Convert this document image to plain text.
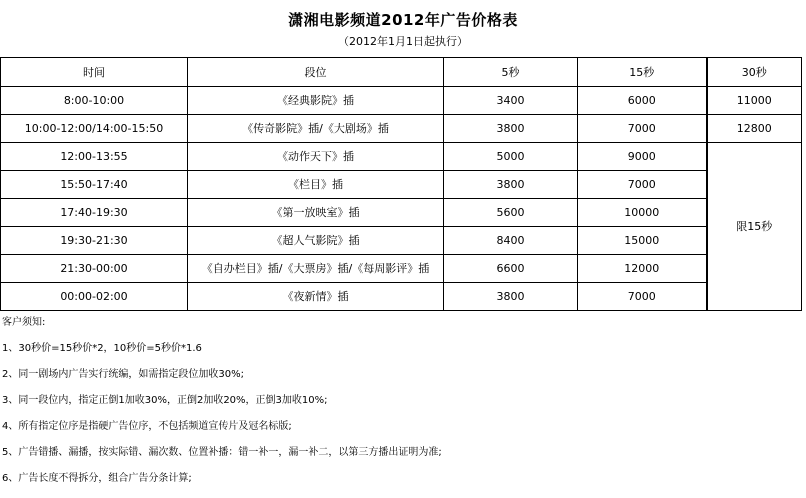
潇湘电影频道2012年广告价格表
（2012年1月1日起执行）
时间	段位	5秒	15秒	30秒
8:00-10:00	《经典影院》插	3400	6000	11000
10:00-12:00/14:00-15:50	《传奇影院》插/《大剧场》插	3800	7000	12800
12:00-13:55	《动作天下》插	5000	9000	限15秒
15:50-17:40	《栏目》插	3800	7000	
17:40-19:30	《第一放映室》插	5600	10000	
19:30-21:30	《超人气影院》插	8400	15000	
21:30-00:00	《自办栏目》插/《大票房》插/《每周影评》插	6600	12000	
00:00-02:00	《夜新情》插	3800	7000	
客户须知:
1、30秒价=15秒价*2，10秒价=5秒价*1.6
2、同一剧场内广告实行统编，如需指定段位加收30%;
3、同一段位内，指定正倒1加收30%，正倒2加收20%，正倒3加收10%;
4、所有指定位序是指硬广告位序，不包括频道宣传片及冠名标版;
5、广告错播、漏播，按实际错、漏次数、位置补播：错一补一，漏一补二，以第三方播出证明为准;
6、广告长度不得拆分，组合广告分条计算;
